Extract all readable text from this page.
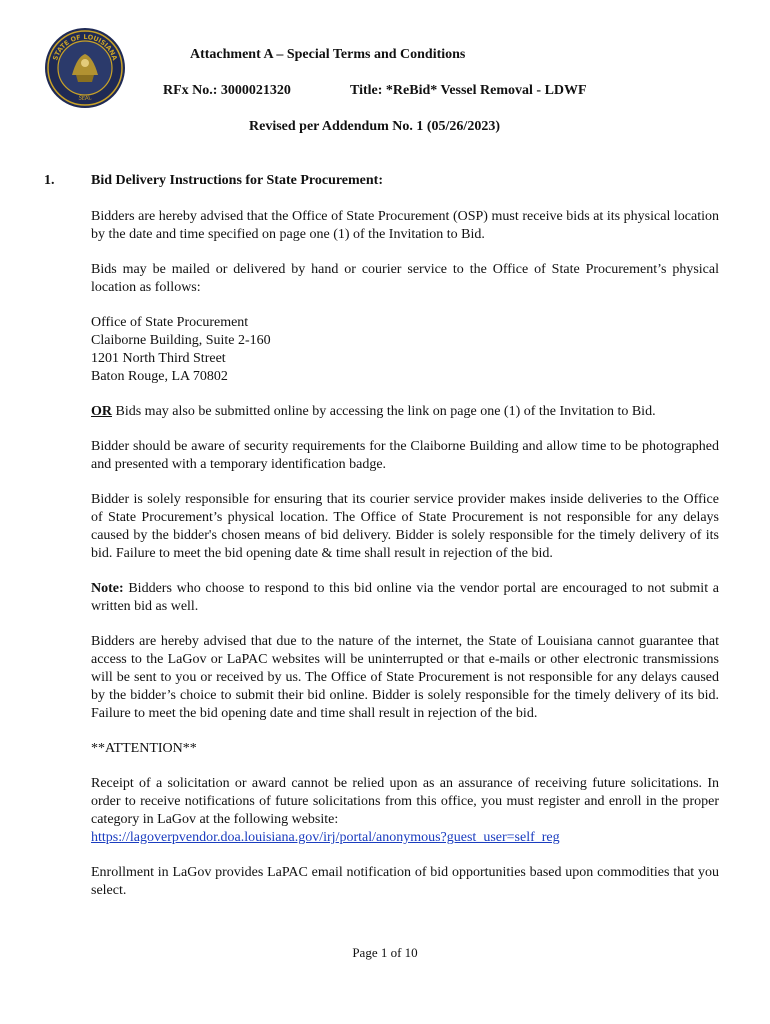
STATE OF LOUISIANA
SEAL
Attachment A – Special Terms and Conditions
RFx No.: 3000021320	Title: *ReBid* Vessel Removal - LDWF
Revised per Addendum No. 1 (05/26/2023)
1.	Bid Delivery Instructions for State Procurement:

Bidders are hereby advised that the Office of State Procurement (OSP) must receive bids at its physical location by the date and time specified on page one (1) of the Invitation to Bid.

Bids may be mailed or delivered by hand or courier service to the Office of State Procurement’s physical location as follows:

Office of State Procurement
Claiborne Building, Suite 2-160
1201 North Third Street
Baton Rouge, LA 70802

OR Bids may also be submitted online by accessing the link on page one (1) of the Invitation to Bid.

Bidder should be aware of security requirements for the Claiborne Building and allow time to be photographed and presented with a temporary identification badge.

Bidder is solely responsible for ensuring that its courier service provider makes inside deliveries to the Office of State Procurement’s physical location. The Office of State Procurement is not responsible for any delays caused by the bidder's chosen means of bid delivery. Bidder is solely responsible for the timely delivery of its bid. Failure to meet the bid opening date & time shall result in rejection of the bid.

Note: Bidders who choose to respond to this bid online via the vendor portal are encouraged to not submit a written bid as well.

Bidders are hereby advised that due to the nature of the internet, the State of Louisiana cannot guarantee that access to the LaGov or LaPAC websites will be uninterrupted or that e-mails or other electronic transmissions will be sent to you or received by us. The Office of State Procurement is not responsible for any delays caused by the bidder’s choice to submit their bid online. Bidder is solely responsible for the timely delivery of its bid. Failure to meet the bid opening date and time shall result in rejection of the bid.

**ATTENTION**

Receipt of a solicitation or award cannot be relied upon as an assurance of receiving future solicitations. In order to receive notifications of future solicitations from this office, you must register and enroll in the proper category in LaGov at the following website:
https://lagoverpvendor.doa.louisiana.gov/irj/portal/anonymous?guest_user=self_reg

Enrollment in LaGov provides LaPAC email notification of bid opportunities based upon commodities that you select.

Page 1 of 10
